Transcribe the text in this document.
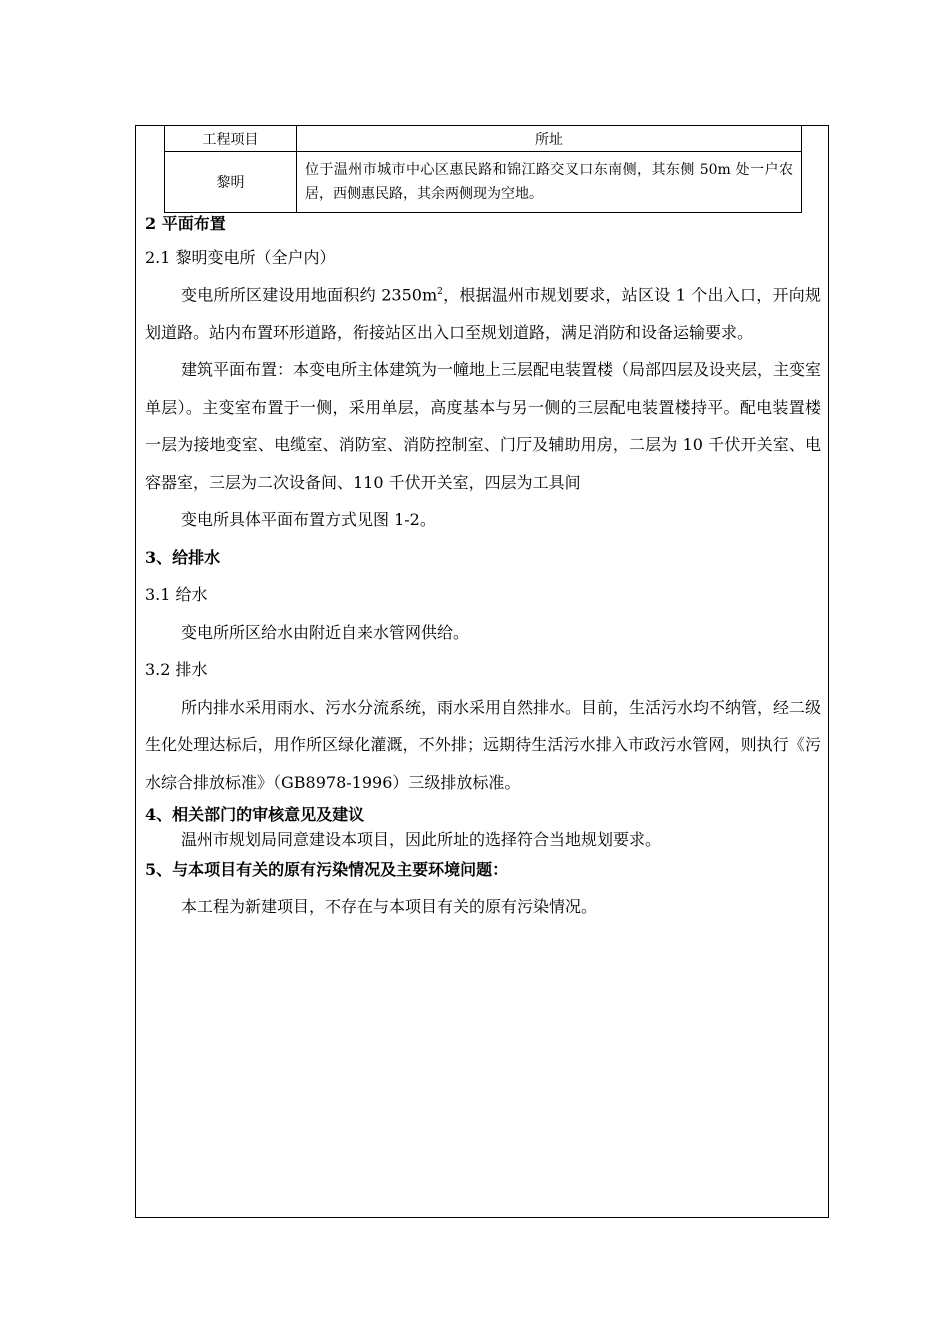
工程项目	所址
黎明	位于温州市城市中心区惠民路和锦江路交叉口东南侧，其东侧 50m 处一户农居，西侧惠民路，其余两侧现为空地。

2 平面布置

2.1 黎明变电所（全户内）

变电所所区建设用地面积约 $2350m^2$，根据温州市规划要求，站区设 1 个出入口，开向规划道路。站内布置环形道路，衔接站区出入口至规划道路，满足消防和设备运输要求。

建筑平面布置：本变电所主体建筑为一幢地上三层配电装置楼（局部四层及设夹层，主变室单层）。主变室布置于一侧，采用单层，高度基本与另一侧的三层配电装置楼持平。配电装置楼一层为接地变室、电缆室、消防室、消防控制室、门厅及辅助用房，二层为 10 千伏开关室、电容器室，三层为二次设备间、110 千伏开关室，四层为工具间

变电所具体平面布置方式见图 1-2。

3、给排水

3.1 给水

变电所所区给水由附近自来水管网供给。

3.2 排水

所内排水采用雨水、污水分流系统，雨水采用自然排水。目前，生活污水均不纳管，经二级生化处理达标后，用作所区绿化灌溉，不外排；远期待生活污水排入市政污水管网，则执行《污水综合排放标准》（GB8978-1996）三级排放标准。

4、相关部门的审核意见及建议

温州市规划局同意建设本项目，因此所址的选择符合当地规划要求。

5、与本项目有关的原有污染情况及主要环境问题：

本工程为新建项目，不存在与本项目有关的原有污染情况。
